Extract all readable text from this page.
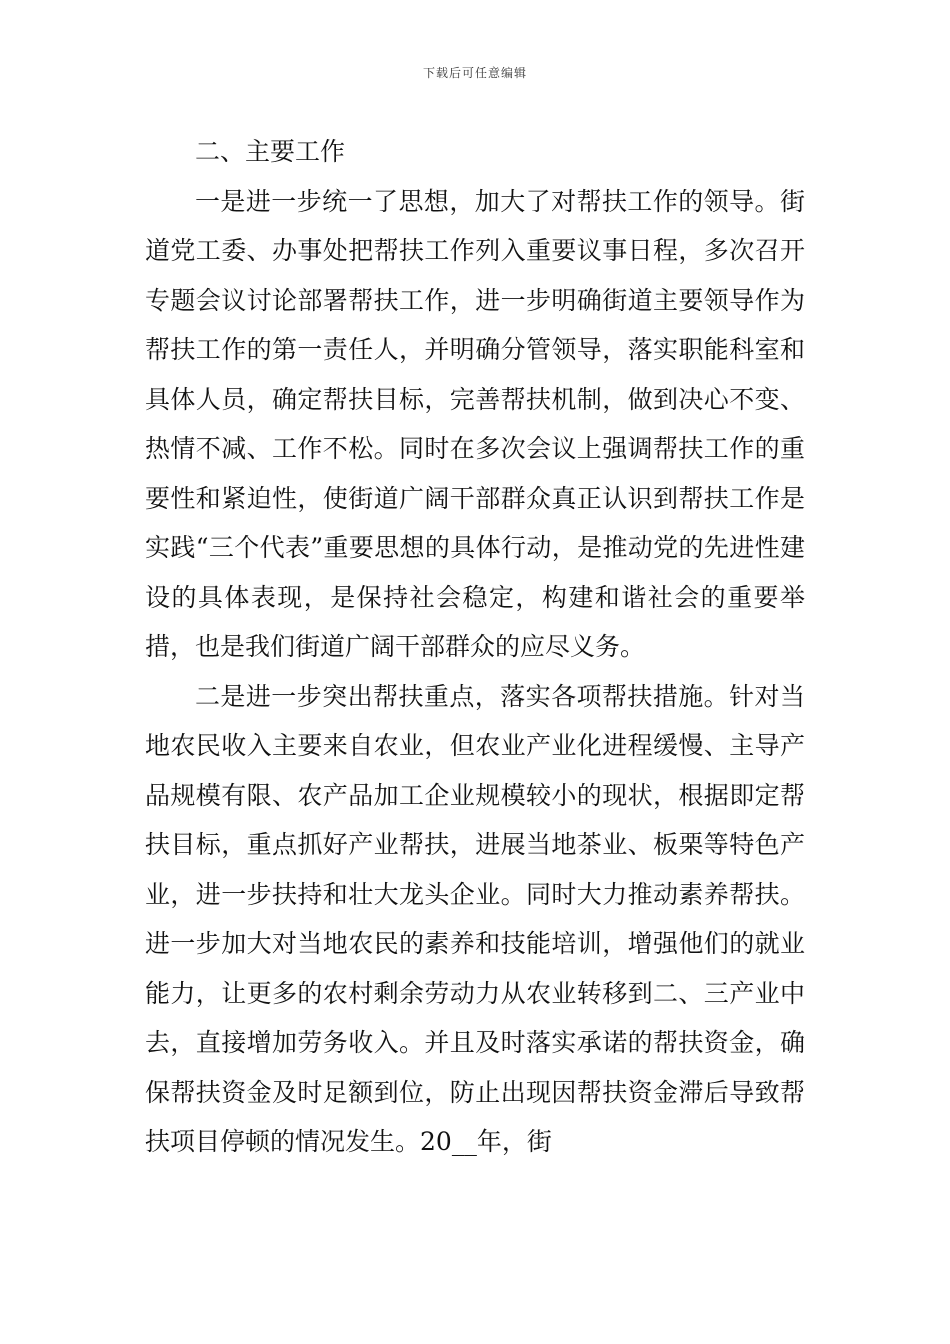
下载后可任意编辑

二、主要工作

一是进一步统一了思想，加大了对帮扶工作的领导。街道党工委、办事处把帮扶工作列入重要议事日程，多次召开专题会议讨论部署帮扶工作，进一步明确街道主要领导作为帮扶工作的第一责任人，并明确分管领导，落实职能科室和具体人员，确定帮扶目标，完善帮扶机制，做到决心不变、热情不减、工作不松。同时在多次会议上强调帮扶工作的重要性和紧迫性，使街道广阔干部群众真正认识到帮扶工作是实践“三个代表”重要思想的具体行动，是推动党的先进性建设的具体表现，是保持社会稳定，构建和谐社会的重要举措，也是我们街道广阔干部群众的应尽义务。

二是进一步突出帮扶重点，落实各项帮扶措施。针对当地农民收入主要来自农业，但农业产业化进程缓慢、主导产品规模有限、农产品加工企业规模较小的现状，根据即定帮扶目标，重点抓好产业帮扶，进展当地茶业、板栗等特色产业，进一步扶持和壮大龙头企业。同时大力推动素养帮扶。进一步加大对当地农民的素养和技能培训，增强他们的就业能力，让更多的农村剩余劳动力从农业转移到二、三产业中去，直接增加劳务收入。并且及时落实承诺的帮扶资金，确保帮扶资金及时足额到位，防止出现因帮扶资金滞后导致帮扶项目停顿的情况发生。20__年，街
